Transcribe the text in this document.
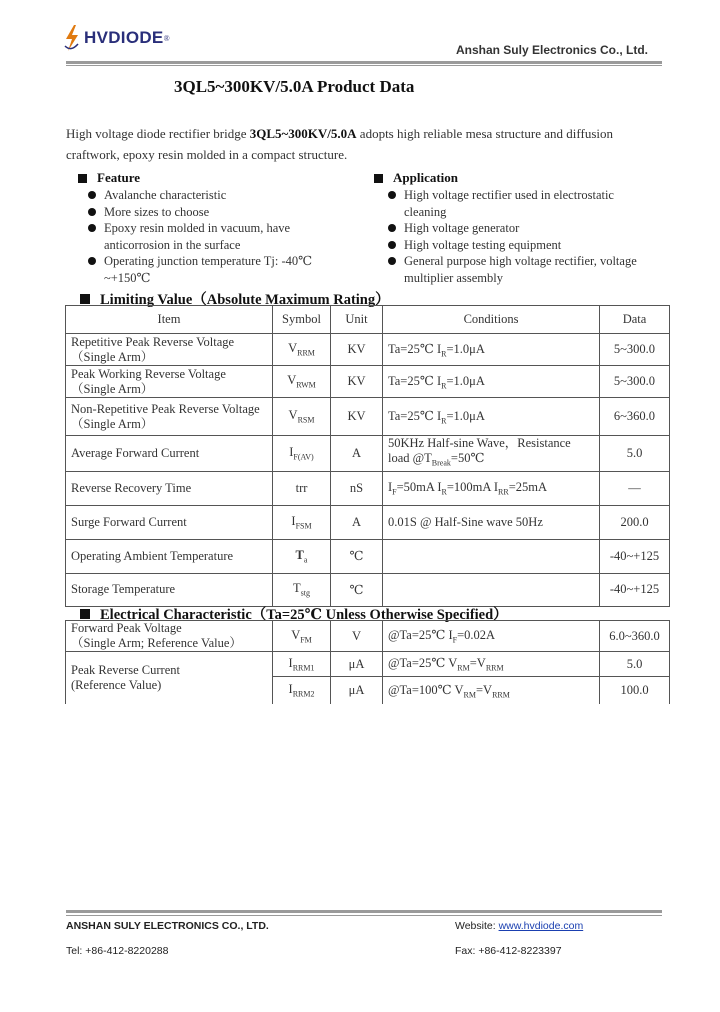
HVDIODE ®
Anshan Suly Electronics Co., Ltd.
3QL5~300KV/5.0A Product Data
High voltage diode rectifier bridge 3QL5~300KV/5.0A adopts high reliable mesa structure and diffusion craftwork, epoxy resin molded in a compact structure.
Feature
Avalanche characteristic
More sizes to choose
Epoxy resin molded in vacuum, have anticorrosion in the surface
Operating junction temperature Tj: -40℃ ~+150℃
Application
High voltage rectifier used in electrostatic cleaning
High voltage generator
High voltage testing equipment
General purpose high voltage rectifier, voltage multiplier assembly
Limiting Value（Absolute Maximum Rating）
Item	Symbol	Unit	Conditions	Data

Repetitive Peak Reverse Voltage
（Single Arm）	$V_{RRM}$	KV	Ta=25℃ $I_R=1.0\mu A$	5~300.0

Peak Working Reverse Voltage
（Single Arm）	$V_{RWM}$	KV	Ta=25℃ $I_R=1.0\mu A$	5~300.0

Non-Repetitive Peak Reverse Voltage
（Single Arm）	$V_{RSM}$	KV	Ta=25℃ $I_R=1.0\mu A$	6~360.0
Average Forward Current	$I_{F(AV)}$	A	50KHz Half-sine Wave，Resistance
load $@T_{Break}=50℃$	5.0
Reverse Recovery Time	trr	nS	$I_F=50mA$ $I_R=100mA$ $I_{RR}=25mA$	—
Surge Forward Current	$I_{FSM}$	A	0.01S @ Half-Sine wave 50Hz	200.0
Operating Ambient Temperature	$T_a$	℃		-40~+125
Storage Temperature	$T_{stg}$	℃		-40~+125
Electrical Characteristic（Ta=25℃ Unless Otherwise Specified）
Forward Peak Voltage
（Single Arm; Reference Value）	$V_{FM}$	V	@Ta=25℃ $I_F=0.02A$	6.0~360.0

Peak Reverse Current
(Reference Value)	$I_{RRM1}$	μA	@Ta=25℃ $V_{RM}=V_{RRM}$	5.0
	$I_{RRM2}$	μA	@Ta=100℃ $V_{RM}=V_{RRM}$	100.0
ANSHAN SULY ELECTRONICS CO., LTD.	Website: www.hvdiode.com
Tel: +86-412-8220288	Fax: +86-412-8223397
